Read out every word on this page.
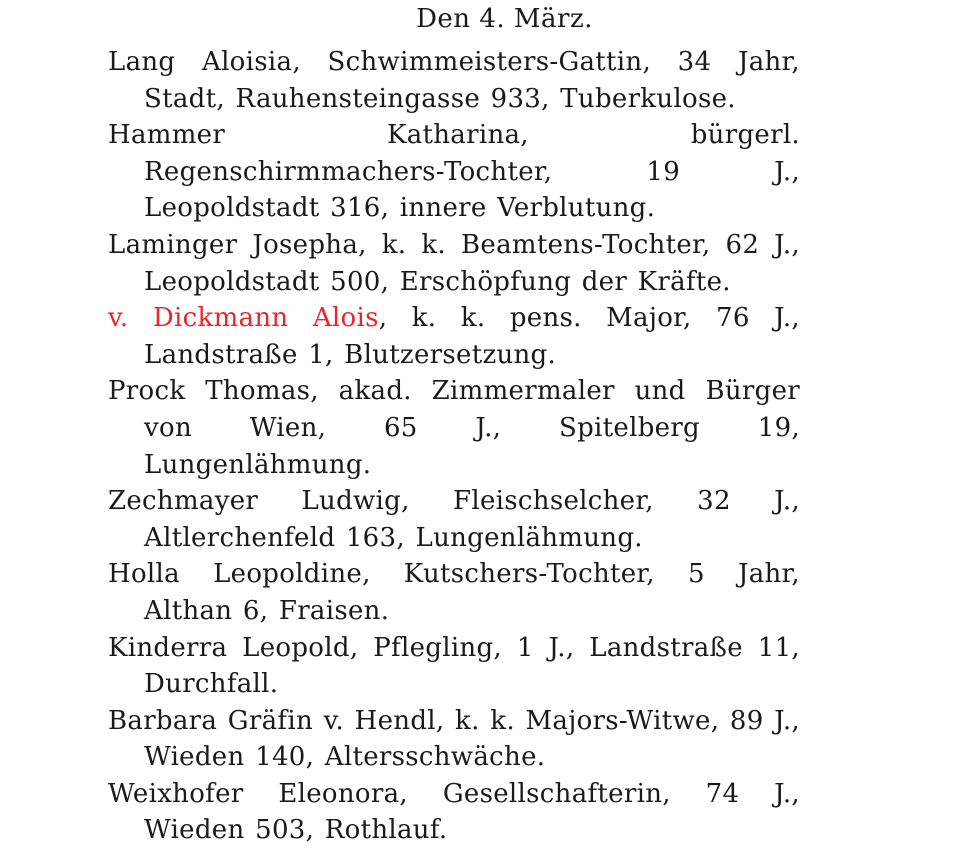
Den 4. März.

Lang Aloisia, Schwimmeisters-Gattin, 34 Jahr, Stadt, Rauhensteingasse 933, Tuberkulose.

Hammer Katharina, bürgerl. Regenschirmmachers-Tochter, 19 J., Leopoldstadt 316, innere Verblutung.

Laminger Josepha, k. k. Beamtens-Tochter, 62 J., Leopoldstadt 500, Erschöpfung der Kräfte.

v. Dickmann Alois, k. k. pens. Major, 76 J., Landstraße 1, Blutzersetzung.

Prock Thomas, akad. Zimmermaler und Bürger von Wien, 65 J., Spitelberg 19, Lungenlähmung.

Zechmayer Ludwig, Fleischselcher, 32 J., Altlerchenfeld 163, Lungenlähmung.

Holla Leopoldine, Kutschers-Tochter, 5 Jahr, Althan 6, Fraisen.

Kinderra Leopold, Pflegling, 1 J., Landstraße 11, Durchfall.

Barbara Gräfin v. Hendl, k. k. Majors-Witwe, 89 J., Wieden 140, Altersschwäche.

Weixhofer Eleonora, Gesellschafterin, 74 J., Wieden 503, Rothlauf.
